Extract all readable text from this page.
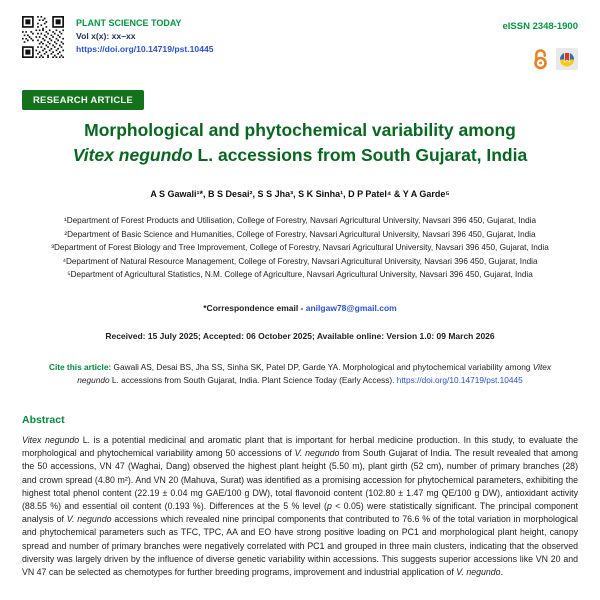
PLANT SCIENCE TODAY
Vol x(x): xx–xx
https://doi.org/10.14719/pst.10445
eISSN 2348-1900
RESEARCH ARTICLE
Morphological and phytochemical variability among
Vitex negundo L. accessions from South Gujarat, India
A S Gawali¹*, B S Desai², S S Jha³, S K Sinha¹, D P Patel⁴ & Y A Garde⁵
¹Department of Forest Products and Utilisation, College of Forestry, Navsari Agricultural University, Navsari 396 450, Gujarat, India
²Department of Basic Science and Humanities, College of Forestry, Navsari Agricultural University, Navsari 396 450, Gujarat, India
³Department of Forest Biology and Tree Improvement, College of Forestry, Navsari Agricultural University, Navsari 396 450, Gujarat, India
⁴Department of Natural Resource Management, College of Forestry, Navsari Agricultural University, Navsari 396 450, Gujarat, India
⁵Department of Agricultural Statistics, N.M. College of Agriculture, Navsari Agricultural University, Navsari 396 450, Gujarat, India
*Correspondence email - anilgaw78@gmail.com
Received: 15 July 2025; Accepted: 06 October 2025; Available online: Version 1.0: 09 March 2026
Cite this article: Gawali AS, Desai BS, Jha SS, Sinha SK, Patel DP, Garde YA. Morphological and phytochemical variability among Vitex negundo L. accessions from South Gujarat, India. Plant Science Today (Early Access). https://doi.org/10.14719/pst.10445
Abstract
Vitex negundo L. is a potential medicinal and aromatic plant that is important for herbal medicine production. In this study, to evaluate the morphological and phytochemical variability among 50 accessions of V. negundo from South Gujarat of India. The result revealed that among the 50 accessions, VN 47 (Waghai, Dang) observed the highest plant height (5.50 m), plant girth (52 cm), number of primary branches (28) and crown spread (4.80 m²). And VN 20 (Mahuva, Surat) was identified as a promising accession for phytochemical parameters, exhibiting the highest total phenol content (22.19 ± 0.04 mg GAE/100 g DW), total flavonoid content (102.80 ± 1.47 mg QE/100 g DW), antioxidant activity (88.55 %) and essential oil content (0.193 %). Differences at the 5 % level (p < 0.05) were statistically significant. The principal component analysis of V. negundo accessions which revealed nine principal components that contributed to 76.6 % of the total variation in morphological and phytochemical parameters such as TFC, TPC, AA and EO have strong positive loading on PC1 and morphological plant height, canopy spread and number of primary branches were negatively correlated with PC1 and grouped in three main clusters, indicating that the observed diversity was largely driven by the influence of diverse genetic variability within accessions. This suggests superior accessions like VN 20 and VN 47 can be selected as chemotypes for further breeding programs, improvement and industrial application of V. negundo.
